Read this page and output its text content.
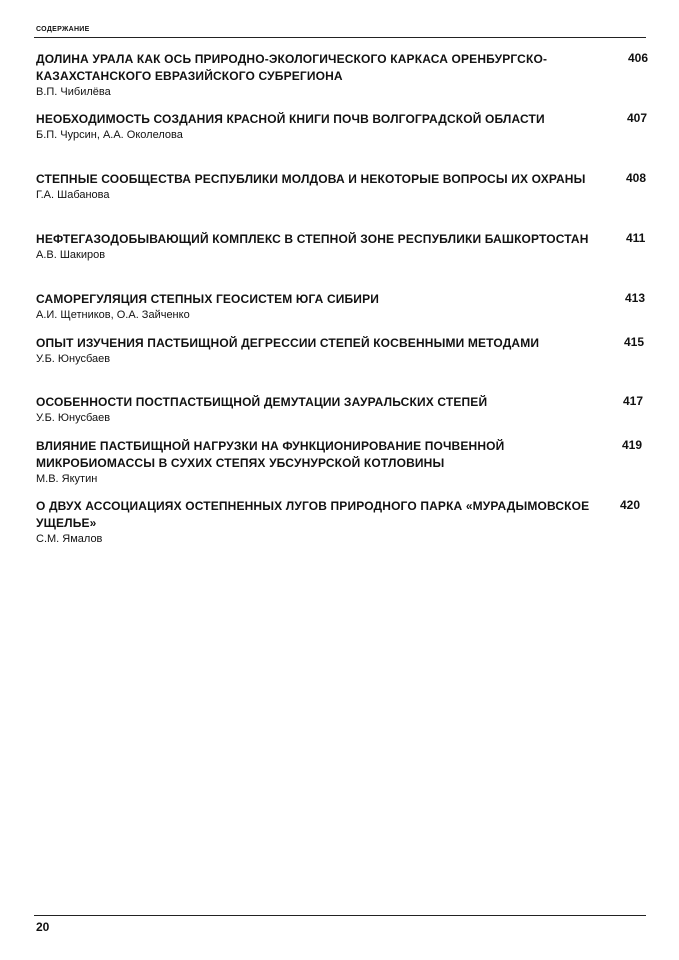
СОДЕРЖАНИЕ

ДОЛИНА УРАЛА КАК ОСЬ ПРИРОДНО-ЭКОЛОГИЧЕСКОГО КАРКАСА ОРЕНБУРГСКО-КАЗАХСТАНСКОГО ЕВРАЗИЙСКОГО СУБРЕГИОНА

В.П. Чибилёва

406

НЕОБХОДИМОСТЬ СОЗДАНИЯ КРАСНОЙ КНИГИ ПОЧВ ВОЛГОГРАДСКОЙ ОБЛАСТИ

Б.П. Чурсин, А.А. Околелова

407

СТЕПНЫЕ СООБЩЕСТВА РЕСПУБЛИКИ МОЛДОВА И НЕКОТОРЫЕ ВОПРОСЫ ИХ ОХРАНЫ

Г.А. Шабанова

408

НЕФТЕГАЗОДОБЫВАЮЩИЙ КОМПЛЕКС В СТЕПНОЙ ЗОНЕ РЕСПУБЛИКИ БАШКОРТОСТАН

А.В. Шакиров

411

САМОРЕГУЛЯЦИЯ СТЕПНЫХ ГЕОСИСТЕМ ЮГА СИБИРИ

А.И. Щетников, О.А. Зайченко

413

ОПЫТ ИЗУЧЕНИЯ ПАСТБИЩНОЙ ДЕГРЕССИИ СТЕПЕЙ КОСВЕННЫМИ МЕТОДАМИ

У.Б. Юнусбаев

415

ОСОБЕННОСТИ ПОСТПАСТБИЩНОЙ ДЕМУТАЦИИ ЗАУРАЛЬСКИХ СТЕПЕЙ

У.Б. Юнусбаев

417

ВЛИЯНИЕ ПАСТБИЩНОЙ НАГРУЗКИ НА ФУНКЦИОНИРОВАНИЕ ПОЧВЕННОЙ МИКРОБИОМАССЫ В СУХИХ СТЕПЯХ УБСУНУРСКОЙ КОТЛОВИНЫ

М.В. Якутин

419

О ДВУХ АССОЦИАЦИЯХ ОСТЕПНЕННЫХ ЛУГОВ ПРИРОДНОГО ПАРКА «МУРАДЫМОВСКОЕ УЩЕЛЬЕ»

С.М. Ямалов

420
20
